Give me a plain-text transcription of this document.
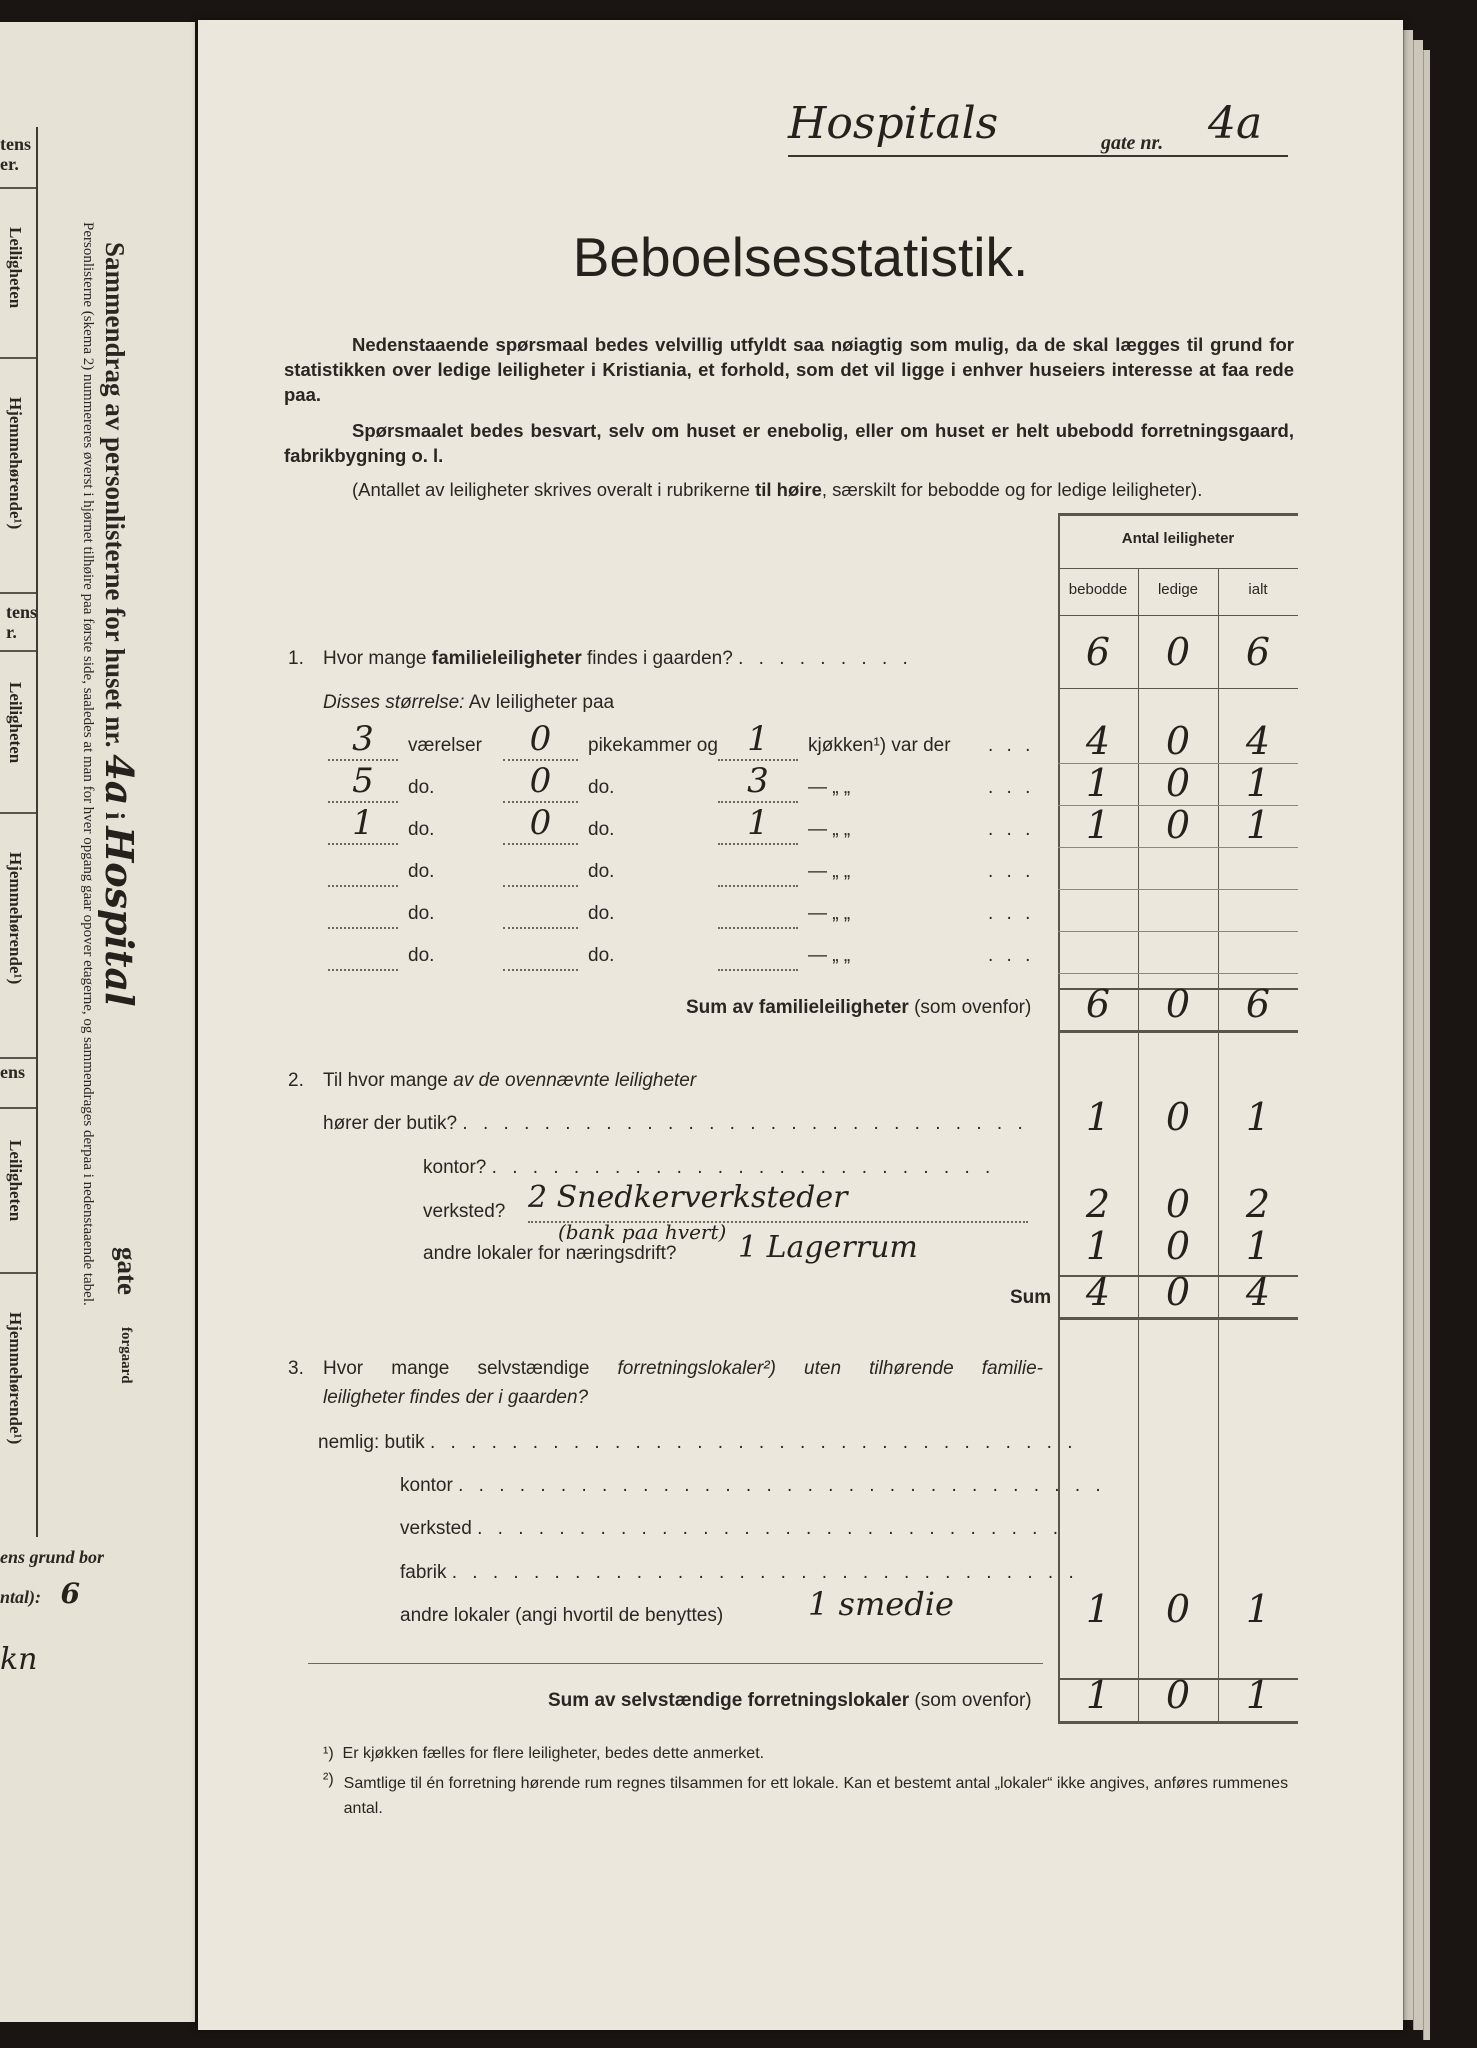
tens
er.
Leiligheten
Hjemmehørende¹)
tens
r.
Leiligheten
Hjemmehørende¹)
ens
Leiligheten
Hjemmehørende¹)
Sammendrag av personlisterne for huset nr. 4a i Hospital
gate
forgaard
Personlisterne (skema 2) nummereres øverst i hjørnet tilhøire paa første side, saaledes at man for hver opgang gaar opover etagerne, og sammendrages derpaa i nedenstaaende tabel.
ens grund bor
ntal): 6
kn
Hospitals	gate nr. 4a
Beboelsesstatistik.
Nedenstaaende spørsmaal bedes velvillig utfyldt saa nøiagtig som mulig, da de skal lægges til grund for statistikken over ledige leiligheter i Kristiania, et forhold, som det vil ligge i enhver huseiers interesse at faa rede paa.
Spørsmaalet bedes besvart, selv om huset er enebolig, eller om huset er helt ubebodd forretningsgaard, fabrikbygning o. l.
(Antallet av leiligheter skrives overalt i rubrikerne til høire, særskilt for bebodde og for ledige leiligheter).
Antal leiligheter
bebodde	ledige	ialt
1. Hvor mange familieleiligheter findes i gaarden? . . . . . . . . .	6	0	6
Disses størrelse: Av leiligheter paa
Sum av familieleiligheter (som ovenfor)	6	0	6
2. Til hvor mange av de ovennævnte leiligheter
hører der butik? . . . . . . . . . . . . . . . . . . . . . . . . . . . .	1	0	1
kontor? . . . . . . . . . . . . . . . . . . . . . . . . .
verksted? 2 Snedkerverksteder	2	0	2
(bank paa hvert)
andre lokaler for næringsdrift? 1 Lagerrum	1	0	1
Sum 4	0	4
3. Hvor mange selvstændige forretningslokaler²) uten tilhørende familie-
leiligheter findes der i gaarden?
nemlig: butik . . . . . . . . . . . . . . . . . . . . . . . . . . . . . . . .
kontor . . . . . . . . . . . . . . . . . . . . . . . . . . . . . . . .
verksted . . . . . . . . . . . . . . . . . . . . . . . . . . . . .
fabrik . . . . . . . . . . . . . . . . . . . . . . . . . . . . . . .
andre lokaler (angi hvortil de benyttes)	1 smedie	1	0	1
Sum av selvstændige forretningslokaler (som ovenfor)	1	0	1
¹) Er kjøkken fælles for flere leiligheter, bedes dette anmerket.
²) Samtlige til én forretning hørende rum regnes tilsammen for ett lokale. Kan et bestemt antal „lokaler“ ikke angives, anføres rummenes antal.
3	værelser	0	pikekammer og 1	kjøkken¹) var der . . .	4	0	4
5	do.	0	do.	3	— „ „	. . .	1	0	1
1	do.	0	do.	1	— „ „	. . .	1	0	1
do.	do.	— „ „	. . .
do.	do.	— „ „	. . .
do.	do.	— „ „	. . .
